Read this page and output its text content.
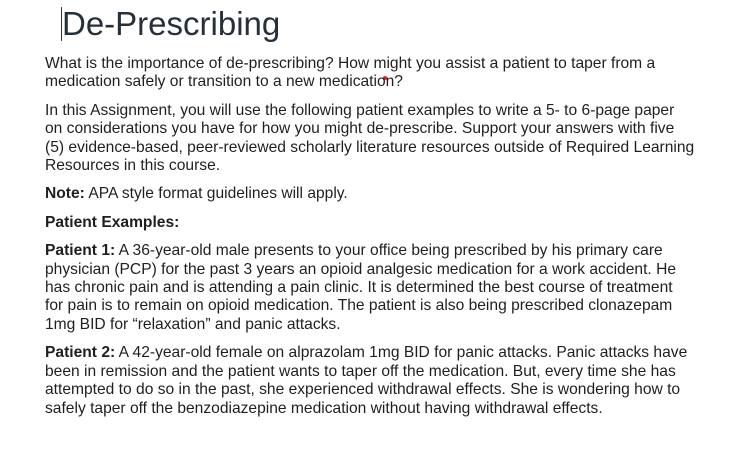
De-Prescribing

What is the importance of de-prescribing? How might you assist a patient to taper from a medication safely or transition to a new medication?

In this Assignment, you will use the following patient examples to write a 5- to 6-page paper on considerations you have for how you might de-prescribe. Support your answers with five (5) evidence-based, peer-reviewed scholarly literature resources outside of Required Learning Resources in this course.

Note: APA style format guidelines will apply.

Patient Examples:

Patient 1: A 36-year-old male presents to your office being prescribed by his primary care physician (PCP) for the past 3 years an opioid analgesic medication for a work accident. He has chronic pain and is attending a pain clinic. It is determined the best course of treatment for pain is to remain on opioid medication. The patient is also being prescribed clonazepam 1mg BID for “relaxation” and panic attacks.

Patient 2: A 42-year-old female on alprazolam 1mg BID for panic attacks. Panic attacks have been in remission and the patient wants to taper off the medication. But, every time she has attempted to do so in the past, she experienced withdrawal effects. She is wondering how to safely taper off the benzodiazepine medication without having withdrawal effects.
